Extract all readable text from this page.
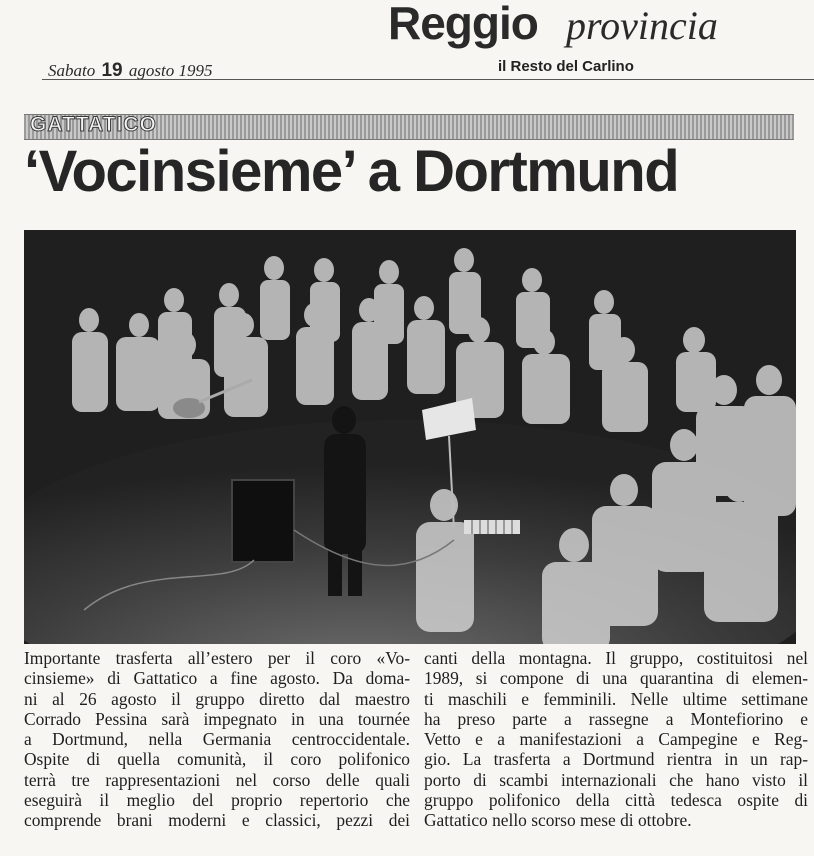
Reggio provincia
Sabato 19 agosto 1995	il Resto del Carlino
GATTATICO
‘Vocinsieme’ a Dortmund
Importante trasferta all’estero per il coro «Vo-
cinsieme» di Gattatico a fine agosto. Da doma-
ni al 26 agosto il gruppo diretto dal maestro
Corrado Pessina sarà impegnato in una tournée
a Dortmund, nella Germania centroccidentale.
Ospite di quella comunità, il coro polifonico
terrà tre rappresentazioni nel corso delle quali
eseguirà il meglio del proprio repertorio che
comprende brani moderni e classici, pezzi dei
canti della montagna. Il gruppo, costituitosi nel
1989, si compone di una quarantina di elemen-
ti maschili e femminili. Nelle ultime settimane
ha preso parte a rassegne a Montefiorino e
Vetto e a manifestazioni a Campegine e Reg-
gio. La trasferta a Dortmund rientra in un rap-
porto di scambi internazionali che hano visto il
gruppo polifonico della città tedesca ospite di
Gattatico nello scorso mese di ottobre.
